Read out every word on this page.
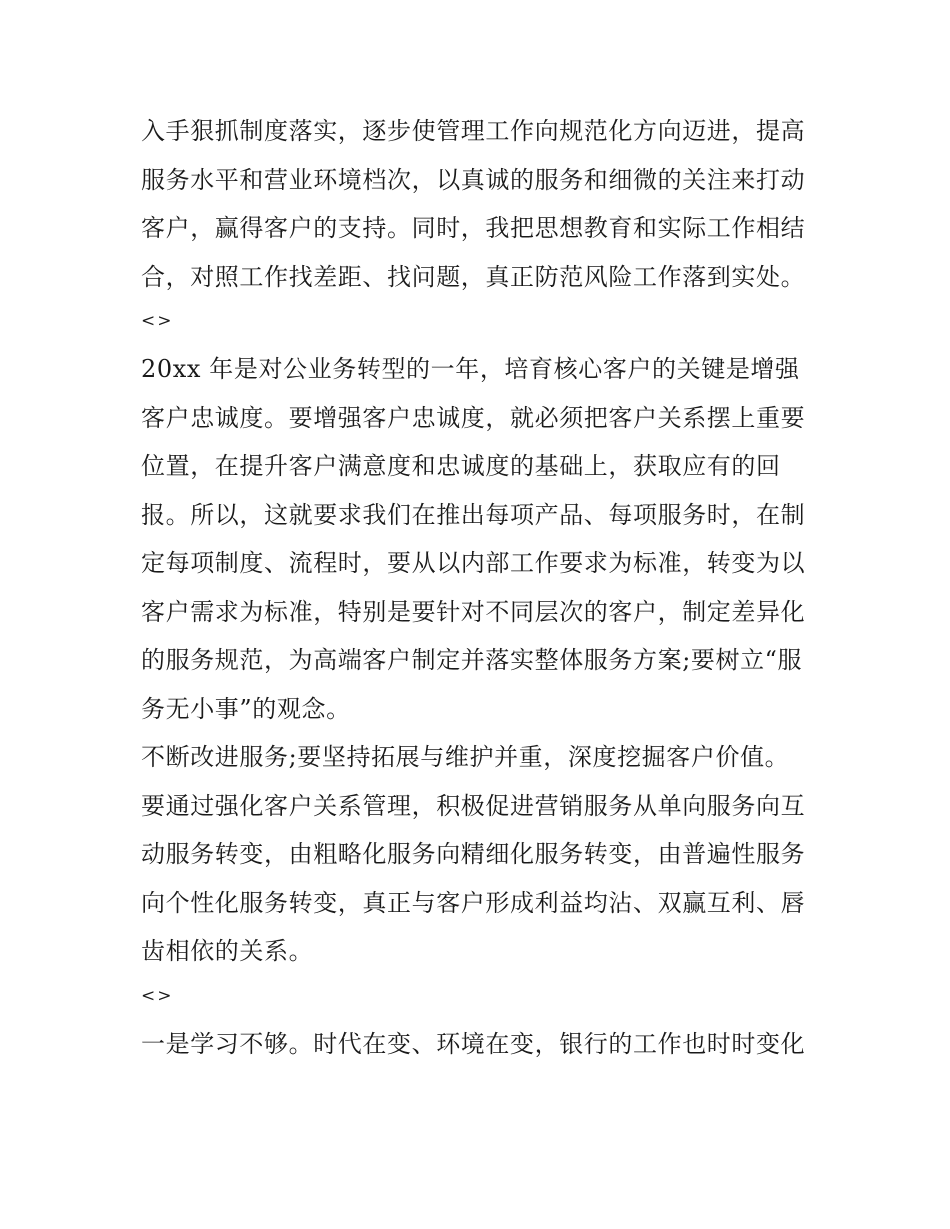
入手狠抓制度落实，逐步使管理工作向规范化方向迈进，提高
服务水平和营业环境档次，以真诚的服务和细微的关注来打动
客户，赢得客户的支持。同时，我把思想教育和实际工作相结
合，对照工作找差距、找问题，真正防范风险工作落到实处。
<>
20xx 年是对公业务转型的一年，培育核心客户的关键是增强
客户忠诚度。要增强客户忠诚度，就必须把客户关系摆上重要
位置，在提升客户满意度和忠诚度的基础上，获取应有的回
报。所以，这就要求我们在推出每项产品、每项服务时，在制
定每项制度、流程时，要从以内部工作要求为标准，转变为以
客户需求为标准，特别是要针对不同层次的客户，制定差异化
的服务规范，为高端客户制定并落实整体服务方案;要树立“服
务无小事”的观念。
不断改进服务;要坚持拓展与维护并重，深度挖掘客户价值。
要通过强化客户关系管理，积极促进营销服务从单向服务向互
动服务转变，由粗略化服务向精细化服务转变，由普遍性服务
向个性化服务转变，真正与客户形成利益均沾、双赢互利、唇
齿相依的关系。
<>
一是学习不够。时代在变、环境在变，银行的工作也时时变化
